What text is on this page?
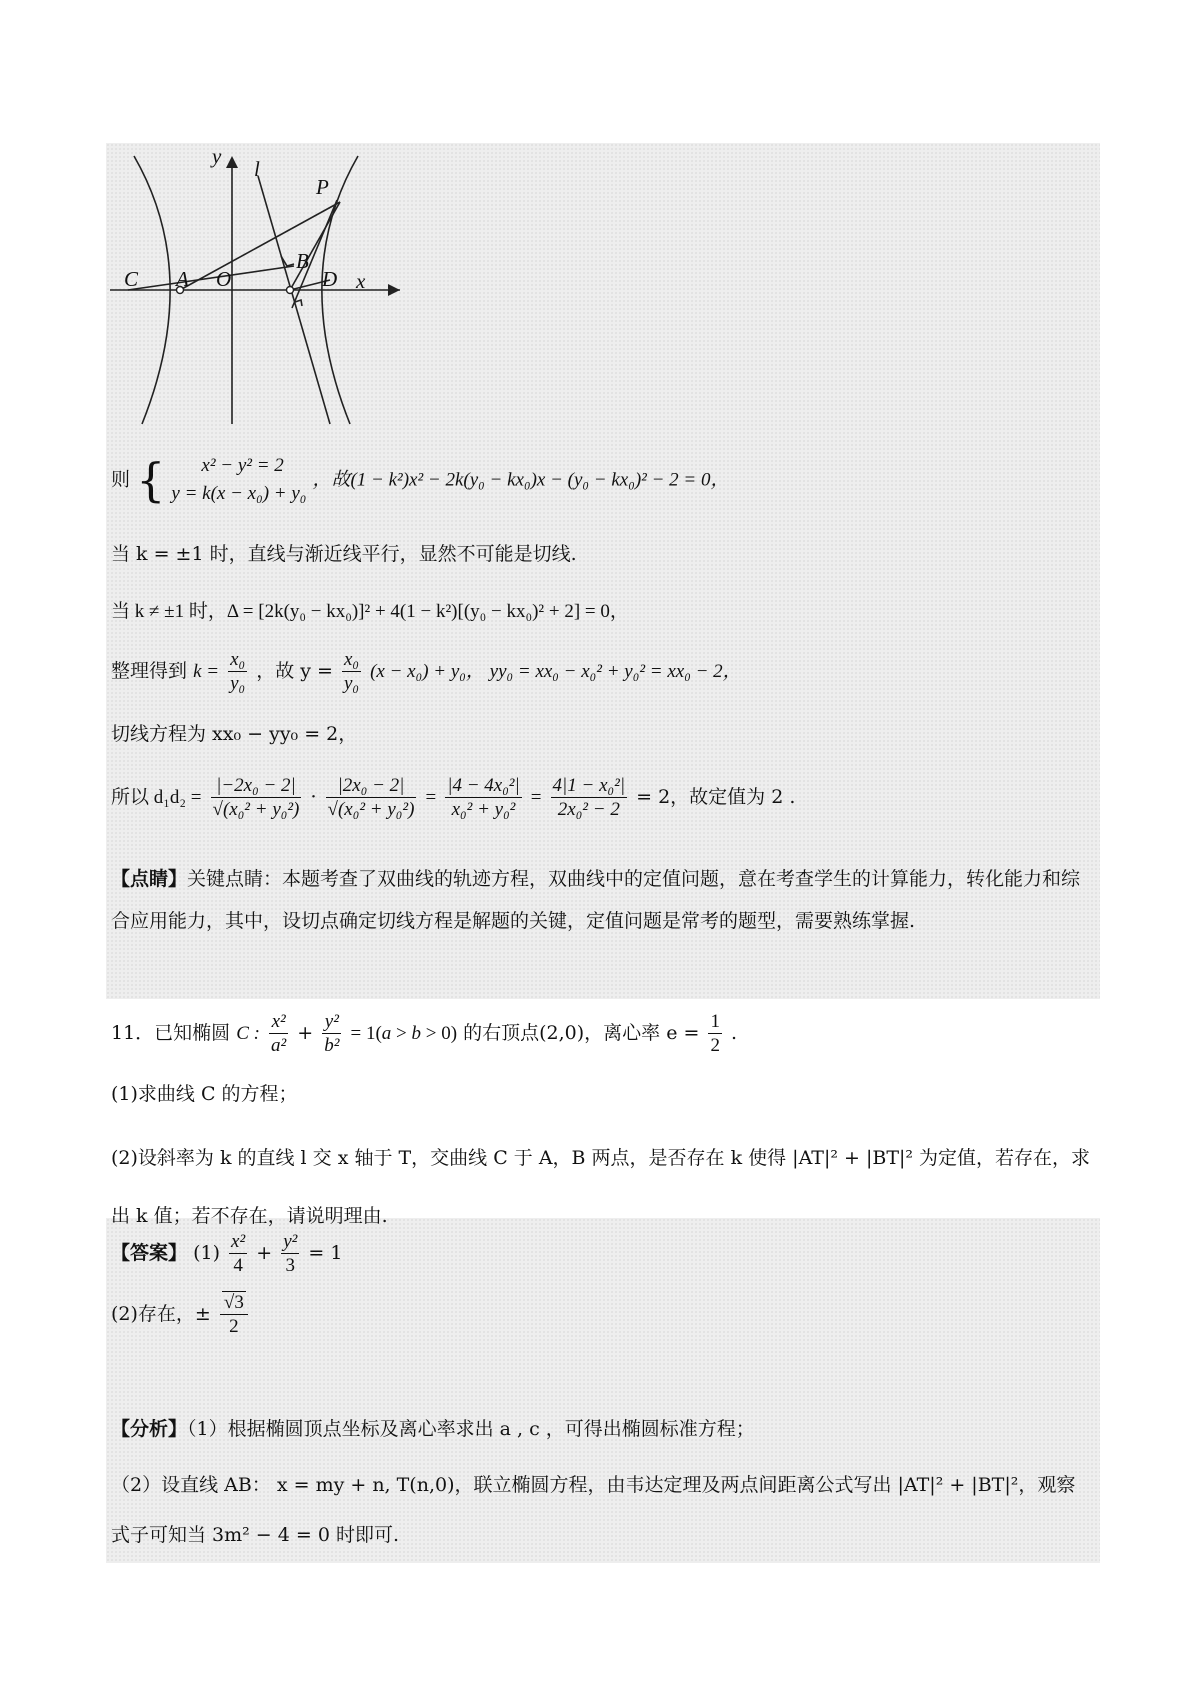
y
l
P
C A O
B
D x
则 {	x² − y² = 2
y = k(x − x₀) + y₀
，故(1 − k²)x² − 2k(y₀ − kx₀)x − (y₀ − kx₀)² − 2 = 0，
当 k = ±1 时，直线与渐近线平行，显然不可能是切线.
当 k ≠ ±1 时，Δ = [2k(y₀ − kx₀)]² + 4(1 − k²)[(y₀ − kx₀)² + 2] = 0，
整理得到 $k = \frac{\text{x₀}}{\text{y₀}}$ ，故 $y = \frac{\text{x₀}}{\text{y₀}} (x - x_0) + y_0$， yy₀ = xx₀ − x₀² + y₀² = xx₀ − 2，
切线方程为 xx₀ − yy₀ = 2，
所以 $d_1d_2 = \frac{\text{|−2x₀ − 2|}}{\text{√(x₀² + y₀²)}} \cdot \frac{\text{|2x₀ − 2|}}{\text{√(x₀² + y₀²)}} = \frac{\text{|4 − 4x₀²|}}{\text{x₀² + y₀²}} = \frac{\text{4|1 − x₀²|}}{\text{2x₀² − 2}} = 2$，故定值为 2 .
【点睛】关键点睛：本题考查了双曲线的轨迹方程，双曲线中的定值问题，意在考查学生的计算能力，转化能力和综合应用能力，其中，设切点确定切线方程是解题的关键，定值问题是常考的题型，需要熟练掌握.
11．已知椭圆 C : $\frac{\text{x²}}{\text{a²}} + \frac{\text{y²}}{\text{b²}} = 1(a > b > 0)$ 的右顶点(2,0)，离心率 $e = \frac{1}{2}$ .
(1)求曲线 C 的方程；
(2)设斜率为 k 的直线 l 交 x 轴于 T，交曲线 C 于 A，B 两点，是否存在 k 使得 |AT|² + |BT|² 为定值，若存在，求出 k 值；若不存在，请说明理由.
【答案】 $(1) \frac{\text{x²}}{4} + \frac{\text{y²}}{3} = 1$
(2)存在，± $\frac{√3}{2}$
【分析】（1）根据椭圆顶点坐标及离心率求出 a , c ，可得出椭圆标准方程；
（2）设直线 AB： x = my + n, T(n,0)，联立椭圆方程，由韦达定理及两点间距离公式写出 |AT|² + |BT|²，观察式子可知当 3m² − 4 = 0 时即可.
